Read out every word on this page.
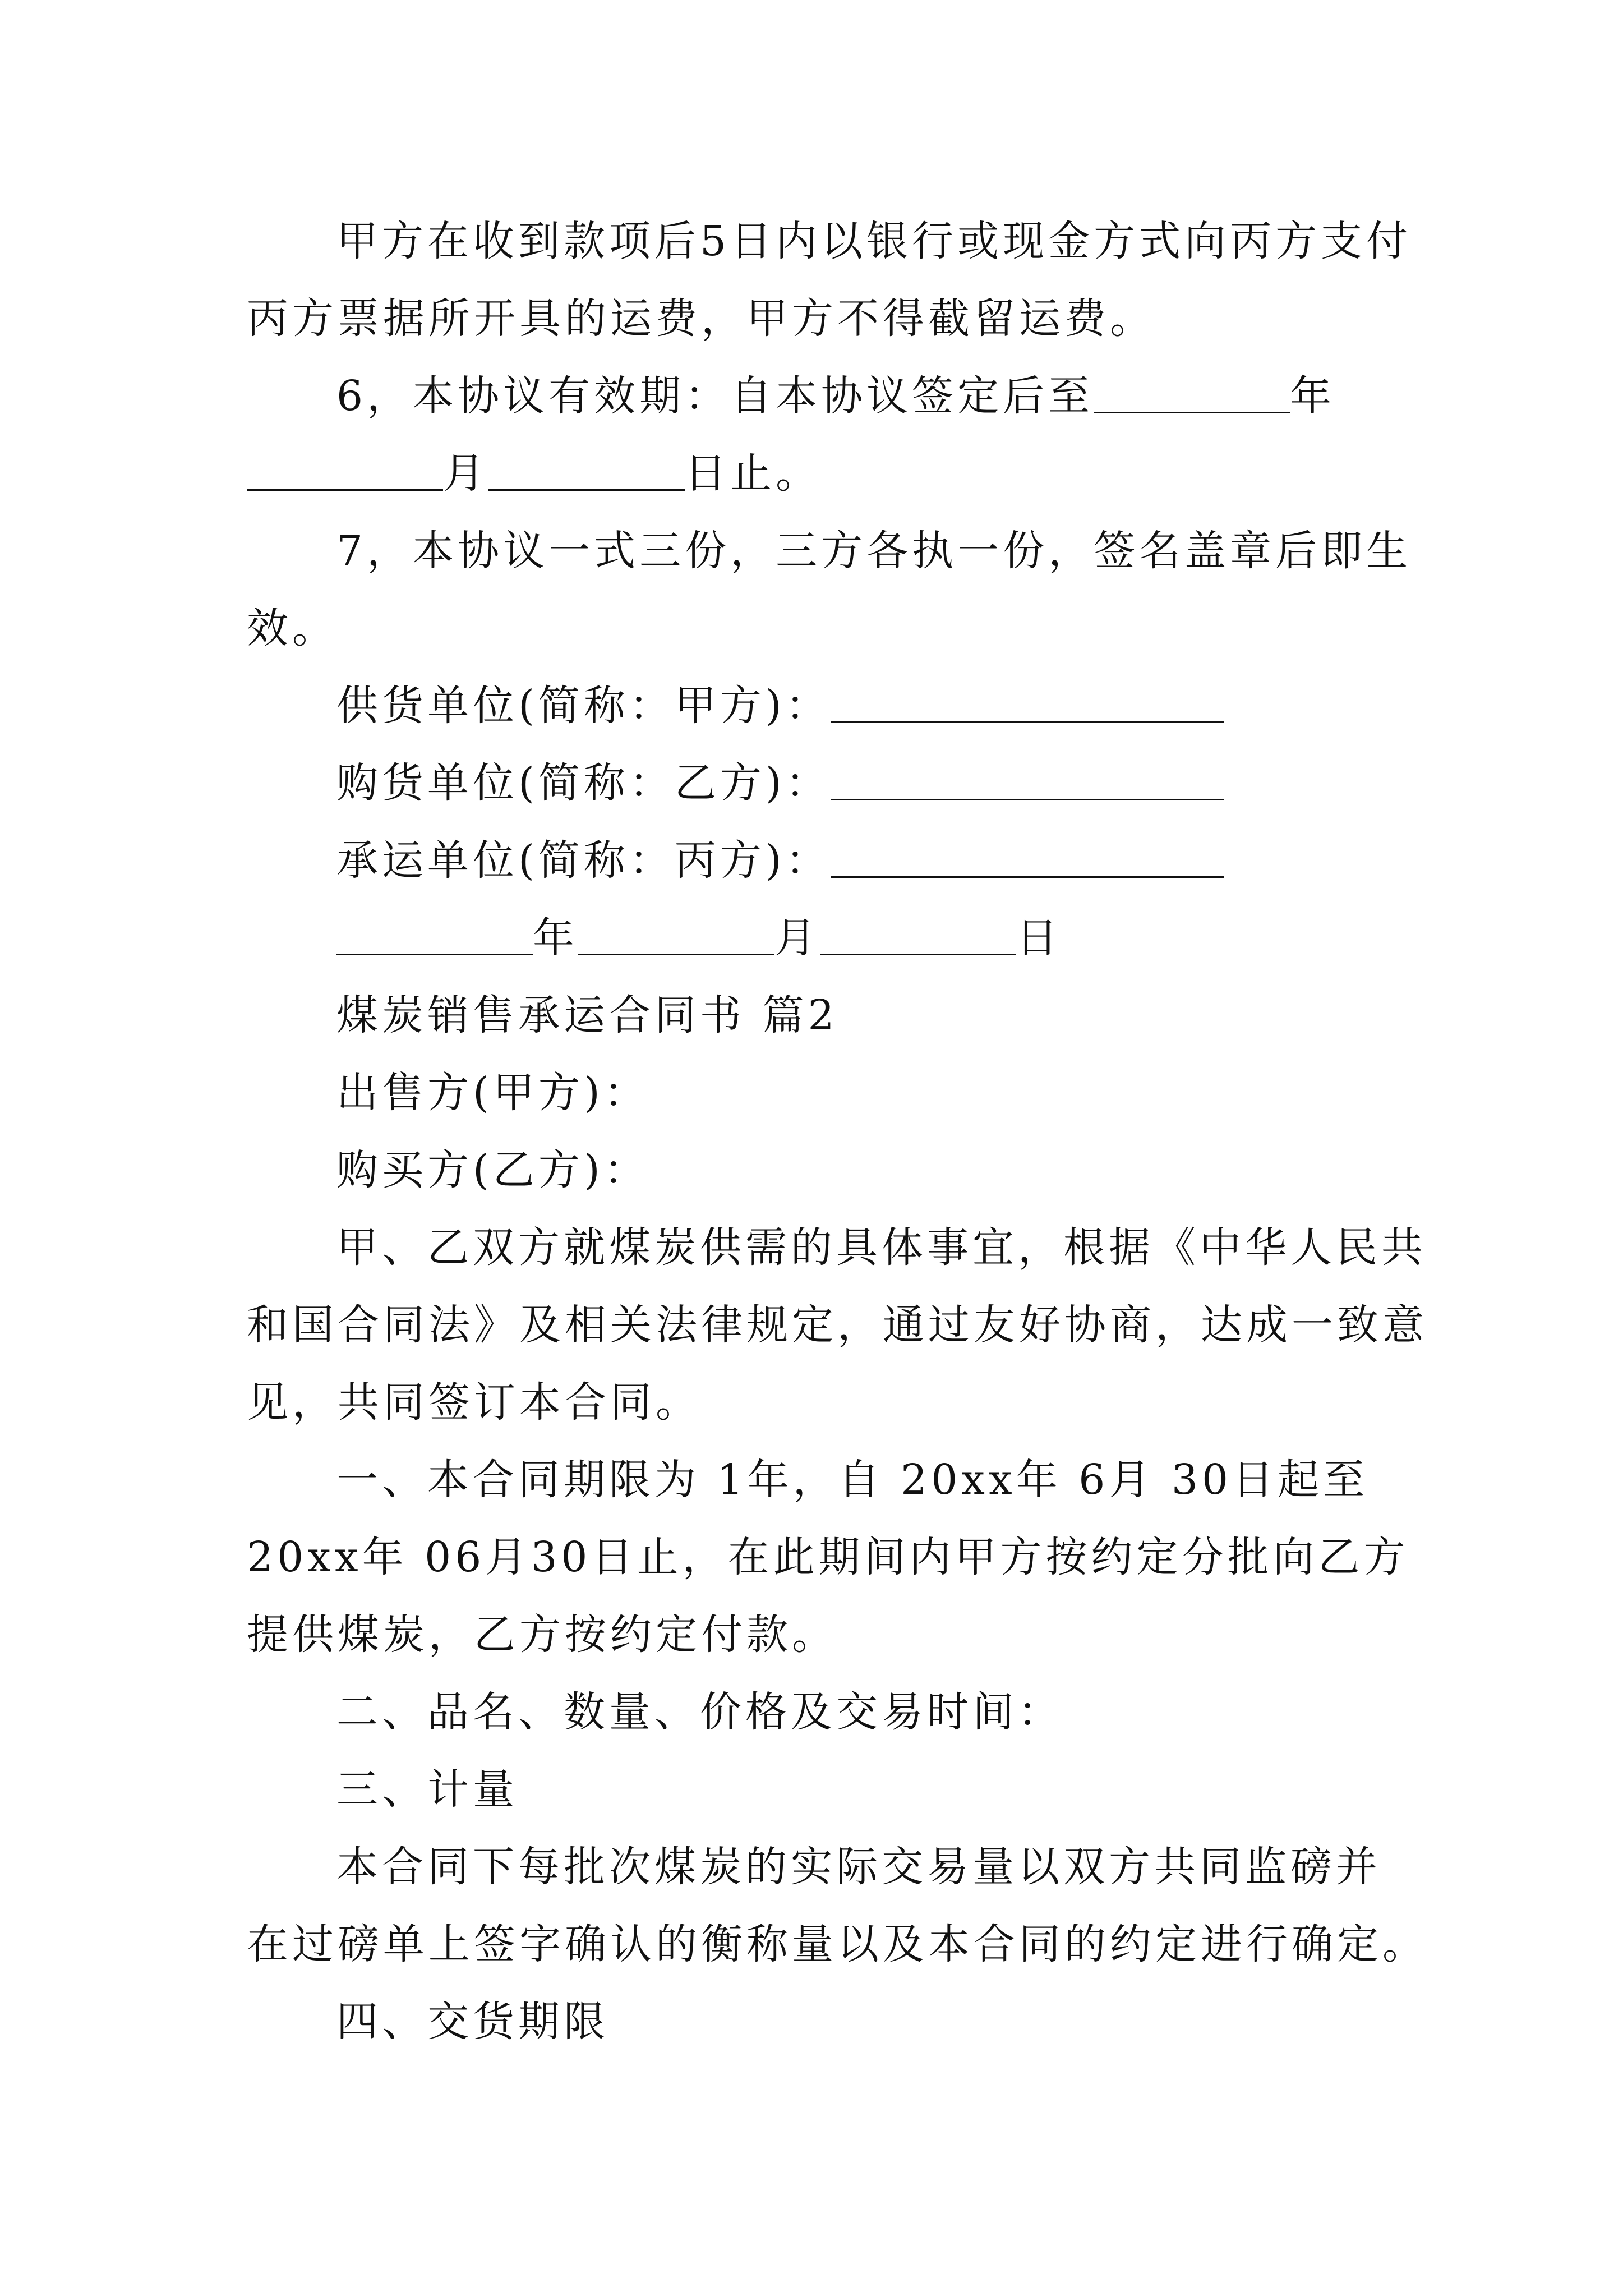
甲方在收到款项后5日内以银行或现金方式向丙方支付
丙方票据所开具的运费，甲方不得截留运费。
6，本协议有效期：自本协议签定后至	年
月	日止。
7，本协议一式三份，三方各执一份，签名盖章后即生
效。
供货单位(简称：甲方)：
购货单位(简称：乙方)：
承运单位(简称：丙方)：
年	月	日
煤炭销售承运合同书 篇2
出售方(甲方)：
购买方(乙方)：
甲、乙双方就煤炭供需的具体事宜，根据《中华人民共
和国合同法》及相关法律规定，通过友好协商，达成一致意
见，共同签订本合同。
一、本合同期限为 1年，自 20xx年 6月 30日起至
20xx年 06月30日止，在此期间内甲方按约定分批向乙方
提供煤炭，乙方按约定付款。
二、品名、数量、价格及交易时间：
三、计量
本合同下每批次煤炭的实际交易量以双方共同监磅并
在过磅单上签字确认的衡称量以及本合同的约定进行确定。
四、交货期限
